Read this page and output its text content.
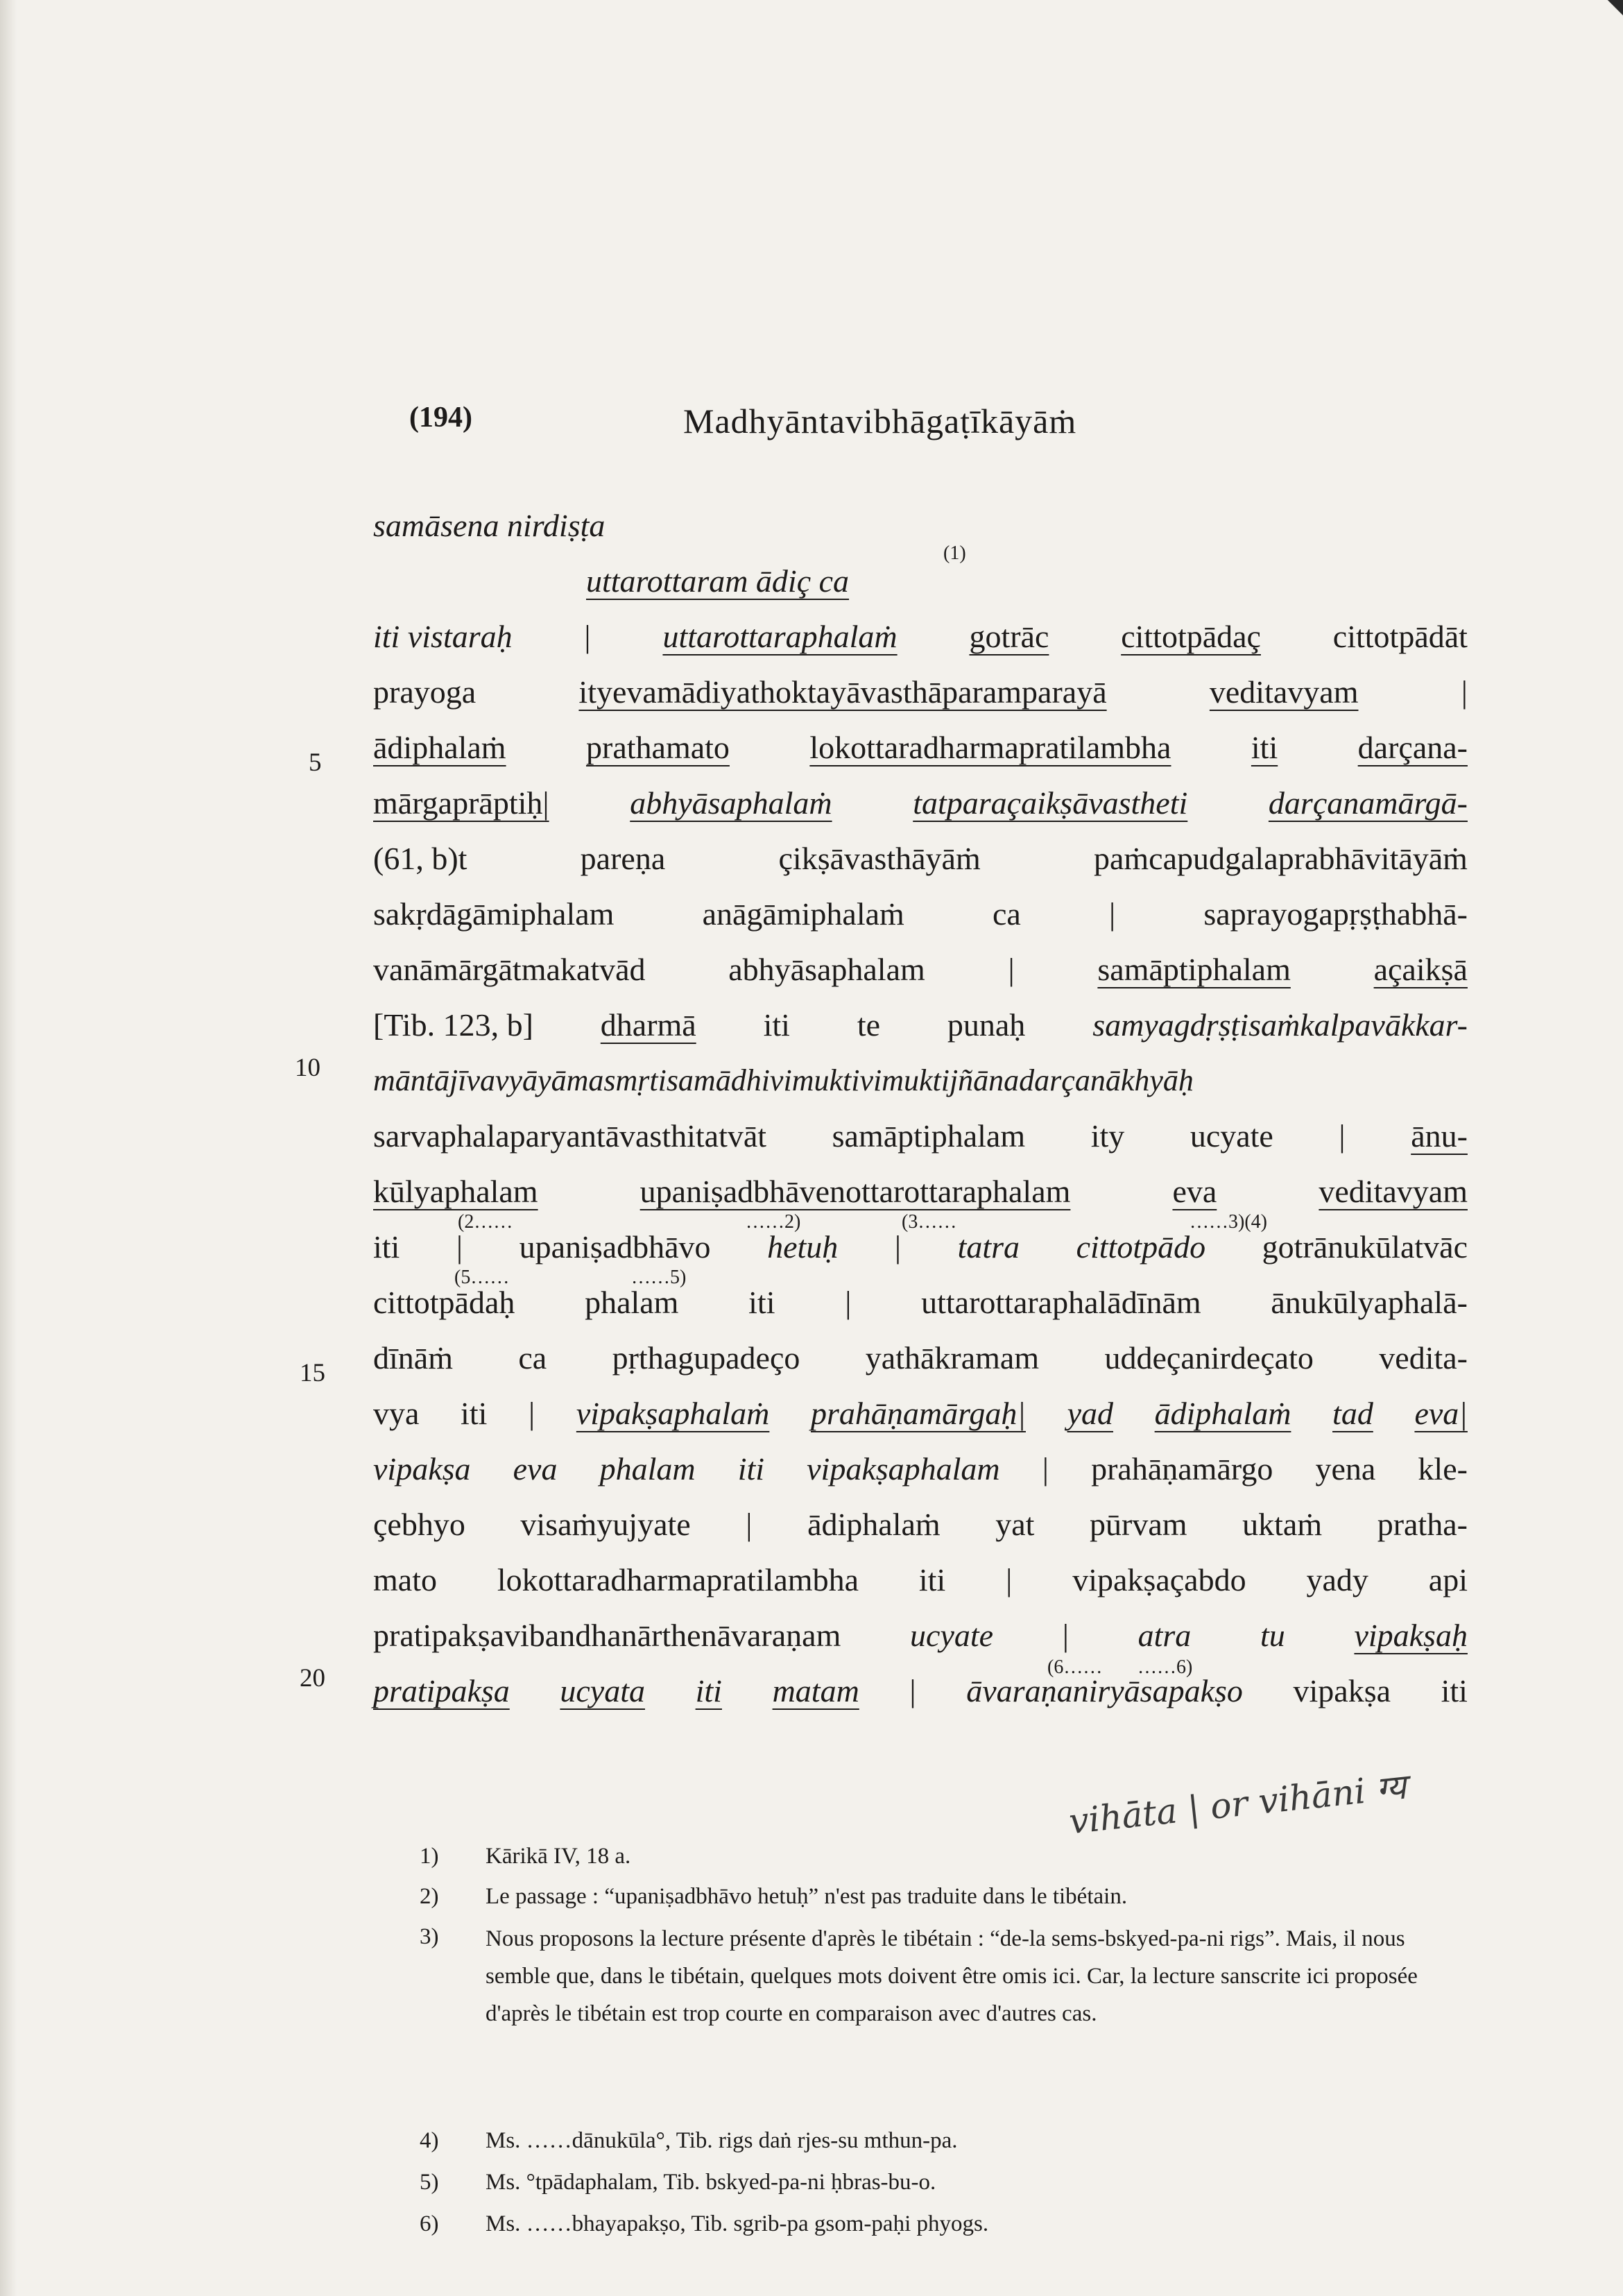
(194)	Madhyāntavibhāgaṭīkāyāṁ
5
10
15
20
samāsena nirdiṣṭa
(1)
uttarottaram ādiç ca
iti vistaraḥ | uttarottaraphalaṁ gotrāc cittotpādaç cittotpādāt
prayoga	ityevamādiyathoktayāvasthāparamparayā	veditavyam	|
ādiphalaṁ	prathamato	lokottaradharmapratilambha	iti	darçana-
mārgaprāptiḥ|	abhyāsaphalaṁ	tatparaçaikṣāvastheti	darçanamārgā-
(61, b)t	pareṇa	çikṣāvasthāyāṁ	paṁcapudgalaprabhāvitāyāṁ
sakṛdāgāmiphalam	anāgāmiphalaṁ	ca	|	saprayogapṛṣṭhabhā-
vanāmārgātmakatvād	abhyāsaphalam	|	samāptiphalam	açaikṣā
[Tib. 123, b] dharmā iti te punaḥ samyagdṛṣṭisaṁkalpavākkar-
māntājīvavyāyāmasmṛtisamādhivimuktivimuktijñānadarçanākhyāḥ
sarvaphalaparyantāvasthitatvāt samāptiphalam ity ucyate | ānu-
kūlyaphalam	upaniṣadbhāvenottarottaraphalam	eva	veditavyam
(2……	……2)	(3……	……3)(4)
iti | upaniṣadbhāvo hetuḥ | tatra cittotpādo gotrānukūlatvāc
(5……	……5)
cittotpādaḥ phalam iti | uttarottaraphalādīnām ānukūlyaphalā-
dīnāṁ ca pṛthagupadeço yathākramam uddeçanirdeçato vedita-
vya iti | vipakṣaphalaṁ prahāṇamārgaḥ| yad ādiphalaṁ tad eva|
vipakṣa eva phalam iti vipakṣaphalam | prahāṇamārgo yena kle-
çebhyo visaṁyujyate | ādiphalaṁ yat pūrvam uktaṁ pratha-
mato lokottaradharmapratilambha iti | vipakṣaçabdo yady api
(6…… ……6)
pratipakṣavibandhanārthenāvaraṇam ucyate | atra tu vipakṣaḥ
pratipakṣa ucyata iti matam | āvaraṇaniryāsapakṣo vipakṣa iti
vihāta | or vihāni ग्य
1) Kārikā IV, 18 a.
2) Le passage : “upaniṣadbhāvo hetuḥ” n'est pas traduite dans le tibétain.
3) Nous proposons la lecture présente d'après le tibétain : “de-la sems-bskyed-pa-ni rigs”. Mais, il nous semble que, dans le tibétain, quelques mots doivent être omis ici. Car, la lecture sanscrite ici proposée d'après le tibétain est trop courte en comparaison avec d'autres cas.
4) Ms. ……dānukūla°, Tib. rigs daṅ rjes-su mthun-pa.
5) Ms. °tpādaphalam, Tib. bskyed-pa-ni ḥbras-bu-o.
6) Ms. ……bhayapakṣo, Tib. sgrib-pa gsom-paḥi phyogs.
